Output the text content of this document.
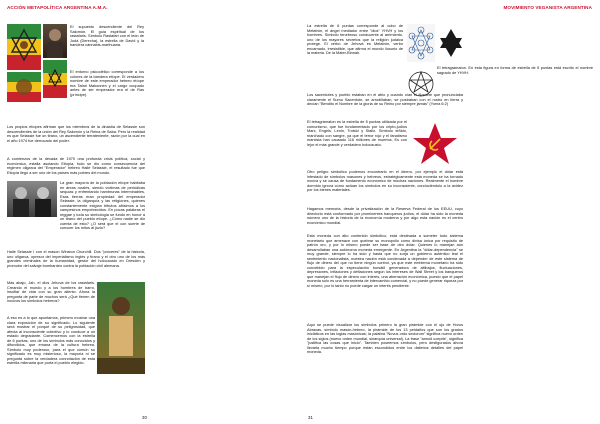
ACCIÓN METAPOLÍTICA ARGENTINA A.M.A.
El supuesto descendiente del Rey Salomón. El guía espiritual de los rastafaris. Símbolo Rastafari con el león de Judá (Derecha), la estrella de David y la bandera cánnabis-marihuana.
El entorno psicodélico corresponde a los colores de la bandera etíope. El verdadero nombre de este emperador hebreo etíope era Tafari Makonnen y el cargo ocupado antes de ser emperador era el de Ras (príncipe).
Los propios etíopes afirman que los miembros de la dinastía de Selassie son descendientes de la unión del Rey Salomón y la Reina de Saba. Pero la realidad es que Selassie fue un tirano, un ascendiente terrateniente, razón por la cual en el año 1974 fue derrocado del poder.
A comienzos de la década de 1970 una profunda crisis política, social y económica, estalla asolando Etiopía, todo se dio como consecuencia del régimen oligarca del "Emperador" hebreo Haile Selassie, el resultado fue que Etiopía llegó a ser uno de los países más pobres del mundo.
La gran mayoría de la población etíope habitaba en áreas rurales, siendo víctimas de periódicas sequías y enfrentando hambrunas interminables. Esas tierras eran propiedad del emperador Selassie, la oligarquía y las religiones, quienes constantemente exigían tributos altísimos a los campesinos empobrecidos. En pocas palabras el reggae y toda su simbología se fundó en honor a un tirano del pueblo etíope. ¿Cómo nadie se dio cuenta de esto? ¿O será que el con suerte de conocer los mitos al júzlo?
Haile Selassie I con el mason Winston Churchill. Dos "próceres" de la historia, uno oligarca, opresor del imperialismo inglés y tirano y el otro uno de los más grandes criminales de la humanidad, gestor del holocausto en Dresden y promotor del salvaje bombardeo contra la población civil alemana.
Más abajo, Jah, el dios Jehová de los rastafaris. Creando el mundo y a los hombres de barro, insuflar de vida con su gran aliento. Ahora la pregunta de parte de muchos será ¿Qué tienen de nocivos los símbolos hebreos?
A eso es a lo que apuntamos, primero mostrar una clara exposición de su significado. Lo siguiente será mostrar el porqué de su peligrosidad, que afecta al inconsciente colectivo y lo conduce a un estado degradante. Comencemos con la estrella de 6 puntas, uno de los símbolos más conocidos y difundidos, que emana de la cultura hebrea. Símbolo muy poderoso, para el que común su significado es muy misterioso, la mayoría ni se pregunta sobre la verdadera connotación de esta estrella milenaria que porta el pueblo elegido.
30
MOVIMIENTO VEGANISTA ARGENTINA
La estrella de 6 puntas corresponde al cubo de Metatrón, el ángel mediador entre "dios" YHVH y los hombres. Símbolo tenebroso conducente al arrimiento, uno de los mayores secretos que la religión judaica protege. El verbo de Jehová es Metatrón, verbo encarnado, irresistible, que afirma el mundo ilusorio de la materia. De la Mater-Binnah.
El tetragrámaton. En esta figura en forma de estrella de 5 puntas está escrito el nombre sagrado de YHVH.
Los sacerdotes y pueblo estaban en el atrio y cuando oían el Nombre que pronunciaba claramente el Sumo Sacerdote, se arrodillaban, se postraban con el rostro en tierra y decían "Bendito el Nombre de la gloria de su Reino por siempre jamás" (Yoma 6:2)
El tetragrámaton es la estrella de 5 puntas utilizada por el comunismo, que fue fundamentado por los cripto-judíos Marx, Engels, Lenin, Trotski y Stalin. Símbolo teñido, marchado con sangre, ya que el terror rojo y el fanatismo marxista han causado 116 millones de muertos. Es con lejor el más grande y verdadero holocausto.
Otro peligro simbólico podemos encontrarlo en el dinero, por ejemplo el dólar está infestado de símbolos masones y hebreos, estratégicamente esta moneda se ha tornado nociva y se causa de fundamento económico de muchas naciones. Realmente el hombre dormido ignora cómo actúan los símbolos en su inconsciente, conduciéndolo a la avidez por los bienes materiales.
Hagamos memoria, desde la privatización de la Reserva Federal de los EEUU, cuyo directorio está conformado por prominentes banqueros judíos, el dólar ha sido la moneda número uno de la historia de la economía moderna y por algo esta nación es el centro económico mundial.
Esta moneda con alto contenido simbólico, está destinada a someter todo sistema monetario que amenace con quebrar su monopolio como divisa única por requisito de patrón oro, y por lo mismo puede ser base de otro dólar. Quienes lo manejan aún desarrollaban una autónoma moneda emergente. En Argentina la "dólar-dependencia" se muy grande, siempre lo ha sido y hasta que no surja un gobierno auténtico leal el sentimiento nacionalista, nuestra nación está condenada a depender de este sistema de flujo de dinero del que no tiene ningún control, ya que este emblema monetario ha sido concebido para la especulación bursátil generadora de altibajos, fluctuaciones, depresiones, inflaciones y deflaciones según los intereses de Wall Street y los banqueros que manejan el flujo de dinero con interés, una aberración económica, puesto que el papel moneda solo es una herramienta de intercambio comercial, y no puede generar riqueza por sí mismo, por lo tanto no puede cargar un interés pendiente.
Aquí se puede visualizar los símbolos primero la gran pirámide con el ojo de Horus Abraxas, símbolo masón-hebreo, la pirámide de los 13 peldaños que son los grados iniciáticos en las logias masónicas; la palabra "Novus ordo seclorum" significa nuevo orden de los siglos (nuevo orden mundial, sinarquía universal). La frase "annuit coeptis", significa "justifica las cosas que inicio". Tambien poseemos símbolos, pero desfigurados ahora llevarla mucho tiempo porque están escondidos entre los distintos detalles del papel moneda.
31
